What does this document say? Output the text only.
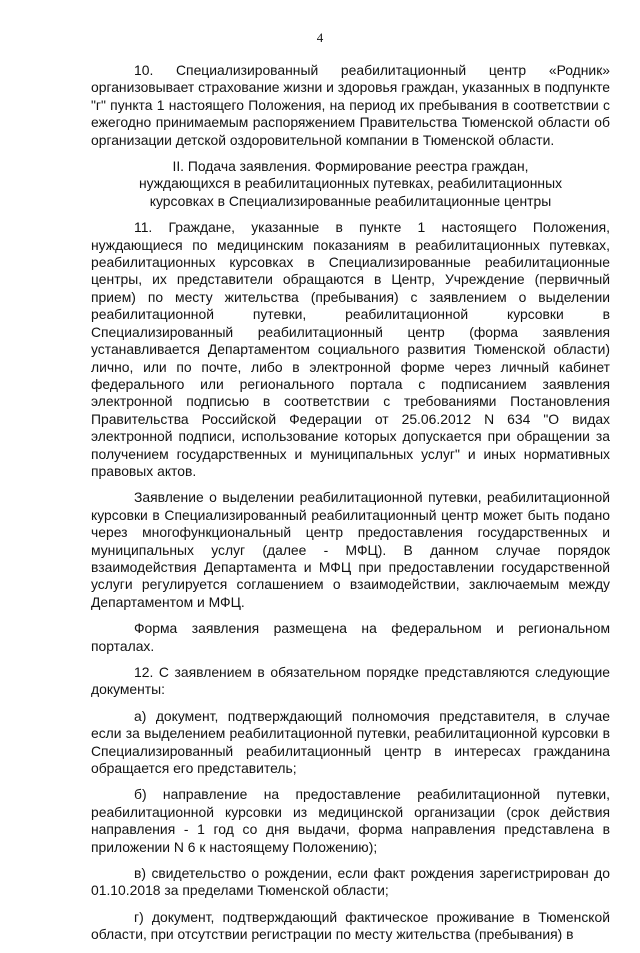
4

10. Специализированный реабилитационный центр «Родник» организовывает страхование жизни и здоровья граждан, указанных в подпункте "г" пункта 1 настоящего Положения, на период их пребывания в соответствии с ежегодно принимаемым распоряжением Правительства Тюменской области об организации детской оздоровительной компании в Тюменской области.

II. Подача заявления. Формирование реестра граждан,
нуждающихся в реабилитационных путевках, реабилитационных
курсовках в Специализированные реабилитационные центры

11. Граждане, указанные в пункте 1 настоящего Положения, нуждающиеся по медицинским показаниям в реабилитационных путевках, реабилитационных курсовках в Специализированные реабилитационные центры, их представители обращаются в Центр, Учреждение (первичный прием) по месту жительства (пребывания) с заявлением о выделении реабилитационной путевки, реабилитационной курсовки в Специализированный реабилитационный центр (форма заявления устанавливается Департаментом социального развития Тюменской области) лично, или по почте, либо в электронной форме через личный кабинет федерального или регионального портала с подписанием заявления электронной подписью в соответствии с требованиями Постановления Правительства Российской Федерации от 25.06.2012 N 634 "О видах электронной подписи, использование которых допускается при обращении за получением государственных и муниципальных услуг" и иных нормативных правовых актов.

Заявление о выделении реабилитационной путевки, реабилитационной курсовки в Специализированный реабилитационный центр может быть подано через многофункциональный центр предоставления государственных и муниципальных услуг (далее - МФЦ). В данном случае порядок взаимодействия Департамента и МФЦ при предоставлении государственной услуги регулируется соглашением о взаимодействии, заключаемым между Департаментом и МФЦ.

Форма заявления размещена на федеральном и региональном порталах.

12. С заявлением в обязательном порядке представляются следующие документы:

а) документ, подтверждающий полномочия представителя, в случае если за выделением реабилитационной путевки, реабилитационной курсовки в Специализированный реабилитационный центр в интересах гражданина обращается его представитель;

б) направление на предоставление реабилитационной путевки, реабилитационной курсовки из медицинской организации (срок действия направления - 1 год со дня выдачи, форма направления представлена в приложении N 6 к настоящему Положению);

в) свидетельство о рождении, если факт рождения зарегистрирован до 01.10.2018 за пределами Тюменской области;

г) документ, подтверждающий фактическое проживание в Тюменской области, при отсутствии регистрации по месту жительства (пребывания) в
